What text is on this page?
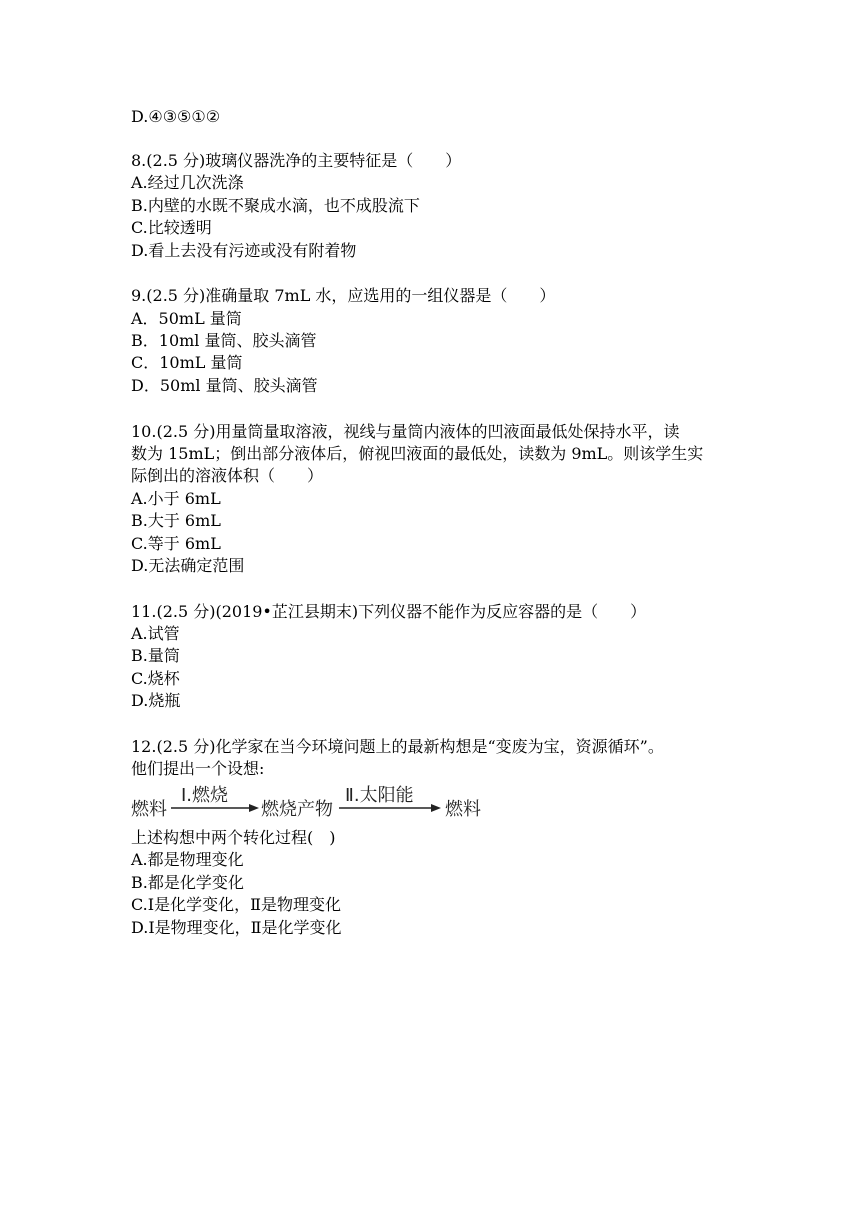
D.④③⑤①②
8.(2.5 分)玻璃仪器洗净的主要特征是（　　）
A.经过几次洗涤
B.内壁的水既不聚成水滴，也不成股流下
C.比较透明
D.看上去没有污迹或没有附着物
9.(2.5 分)准确量取 7mL 水，应选用的一组仪器是（　　）
A．50mL 量筒
B．10ml 量筒、胶头滴管
C．10mL 量筒
D．50ml 量筒、胶头滴管
10.(2.5 分)用量筒量取溶液，视线与量筒内液体的凹液面最低处保持水平，读
数为 15mL；倒出部分液体后，俯视凹液面的最低处，读数为 9mL。则该学生实
际倒出的溶液体积（　　）
A.小于 6mL
B.大于 6mL
C.等于 6mL
D.无法确定范围
11.(2.5 分)(2019•芷江县期末)下列仪器不能作为反应容器的是（　　）
A.试管
B.量筒
C.烧杯
D.烧瓶
12.(2.5 分)化学家在当今环境问题上的最新构想是“变废为宝，资源循环”。
他们提出一个设想:
燃料
Ⅰ.燃烧
燃烧产物
Ⅱ.太阳能
燃料
上述构想中两个转化过程(　)
A.都是物理变化
B.都是化学变化
C.Ⅰ是化学变化，Ⅱ是物理变化
D.Ⅰ是物理变化，Ⅱ是化学变化
